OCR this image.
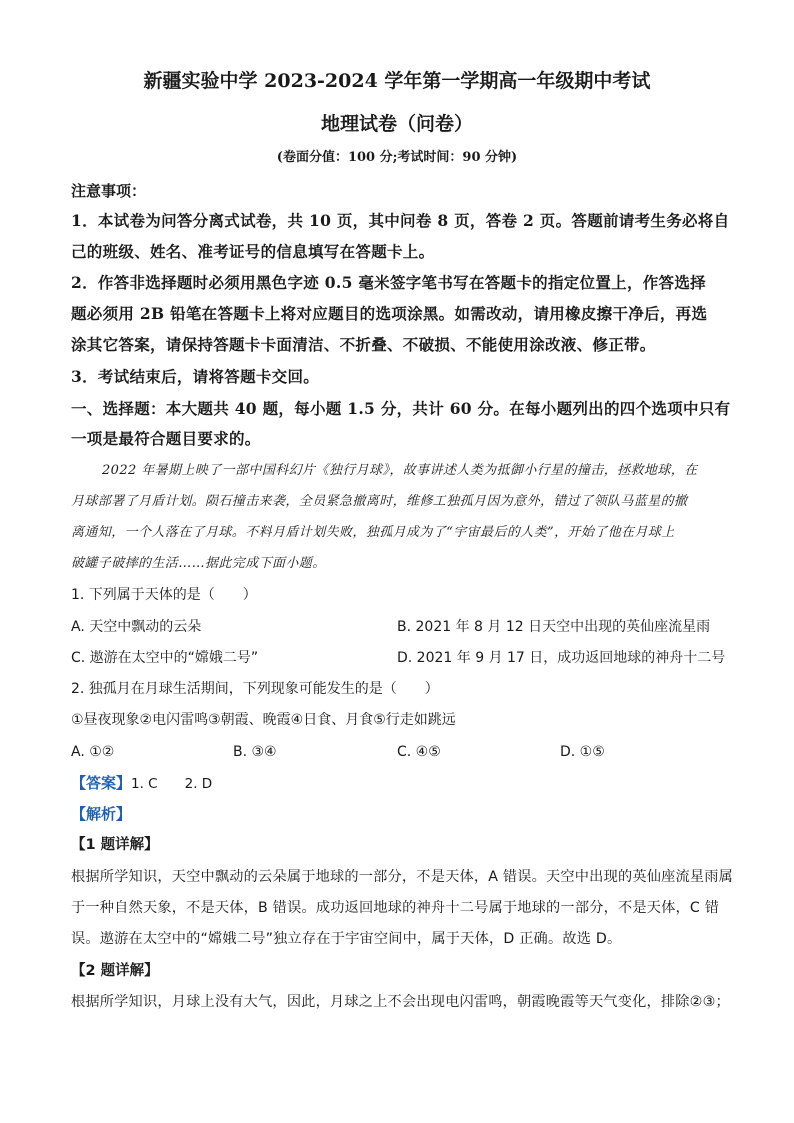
新疆实验中学 2023-2024 学年第一学期高一年级期中考试
地理试卷（问卷）
(卷面分值：100 分;考试时间：90 分钟)
注意事项：
1．本试卷为问答分离式试卷，共 10 页，其中问卷 8 页，答卷 2 页。答题前请考生务必将自
己的班级、姓名、准考证号的信息填写在答题卡上。
2．作答非选择题时必须用黑色字迹 0.5 毫米签字笔书写在答题卡的指定位置上，作答选择
题必须用 2B 铅笔在答题卡上将对应题目的选项涂黑。如需改动，请用橡皮擦干净后，再选
涂其它答案，请保持答题卡卡面清洁、不折叠、不破损、不能使用涂改液、修正带。
3．考试结束后，请将答题卡交回。
一、选择题：本大题共 40 题，每小题 1.5 分，共计 60 分。在每小题列出的四个选项中只有
一项是最符合题目要求的。
2022 年暑期上映了一部中国科幻片《独行月球》，故事讲述人类为抵御小行星的撞击，拯救地球，在
月球部署了月盾计划。陨石撞击来袭，全员紧急撤离时，维修工独孤月因为意外，错过了领队马蓝星的撤
离通知，一个人落在了月球。不料月盾计划失败，独孤月成为了“宇宙最后的人类”，开始了他在月球上
破罐子破摔的生活……据此完成下面小题。
1. 下列属于天体的是（　　）
A. 天空中飘动的云朵	B. 2021 年 8 月 12 日天空中出现的英仙座流星雨
C. 遨游在太空中的“嫦娥二号”	D. 2021 年 9 月 17 日，成功返回地球的神舟十二号
2. 独孤月在月球生活期间，下列现象可能发生的是（　　）
①昼夜现象②电闪雷鸣③朝霞、晚霞④日食、月食⑤行走如跳远
A. ①②	B. ③④	C. ④⑤	D. ①⑤
【答案】1. C　　2. D
【解析】
【1 题详解】
根据所学知识，天空中飘动的云朵属于地球的一部分，不是天体，A 错误。天空中出现的英仙座流星雨属
于一种自然天象，不是天体，B 错误。成功返回地球的神舟十二号属于地球的一部分，不是天体，C 错
误。遨游在太空中的“嫦娥二号”独立存在于宇宙空间中，属于天体，D 正确。故选 D。
【2 题详解】
根据所学知识，月球上没有大气，因此，月球之上不会出现电闪雷鸣，朝霞晚霞等天气变化，排除②③；
